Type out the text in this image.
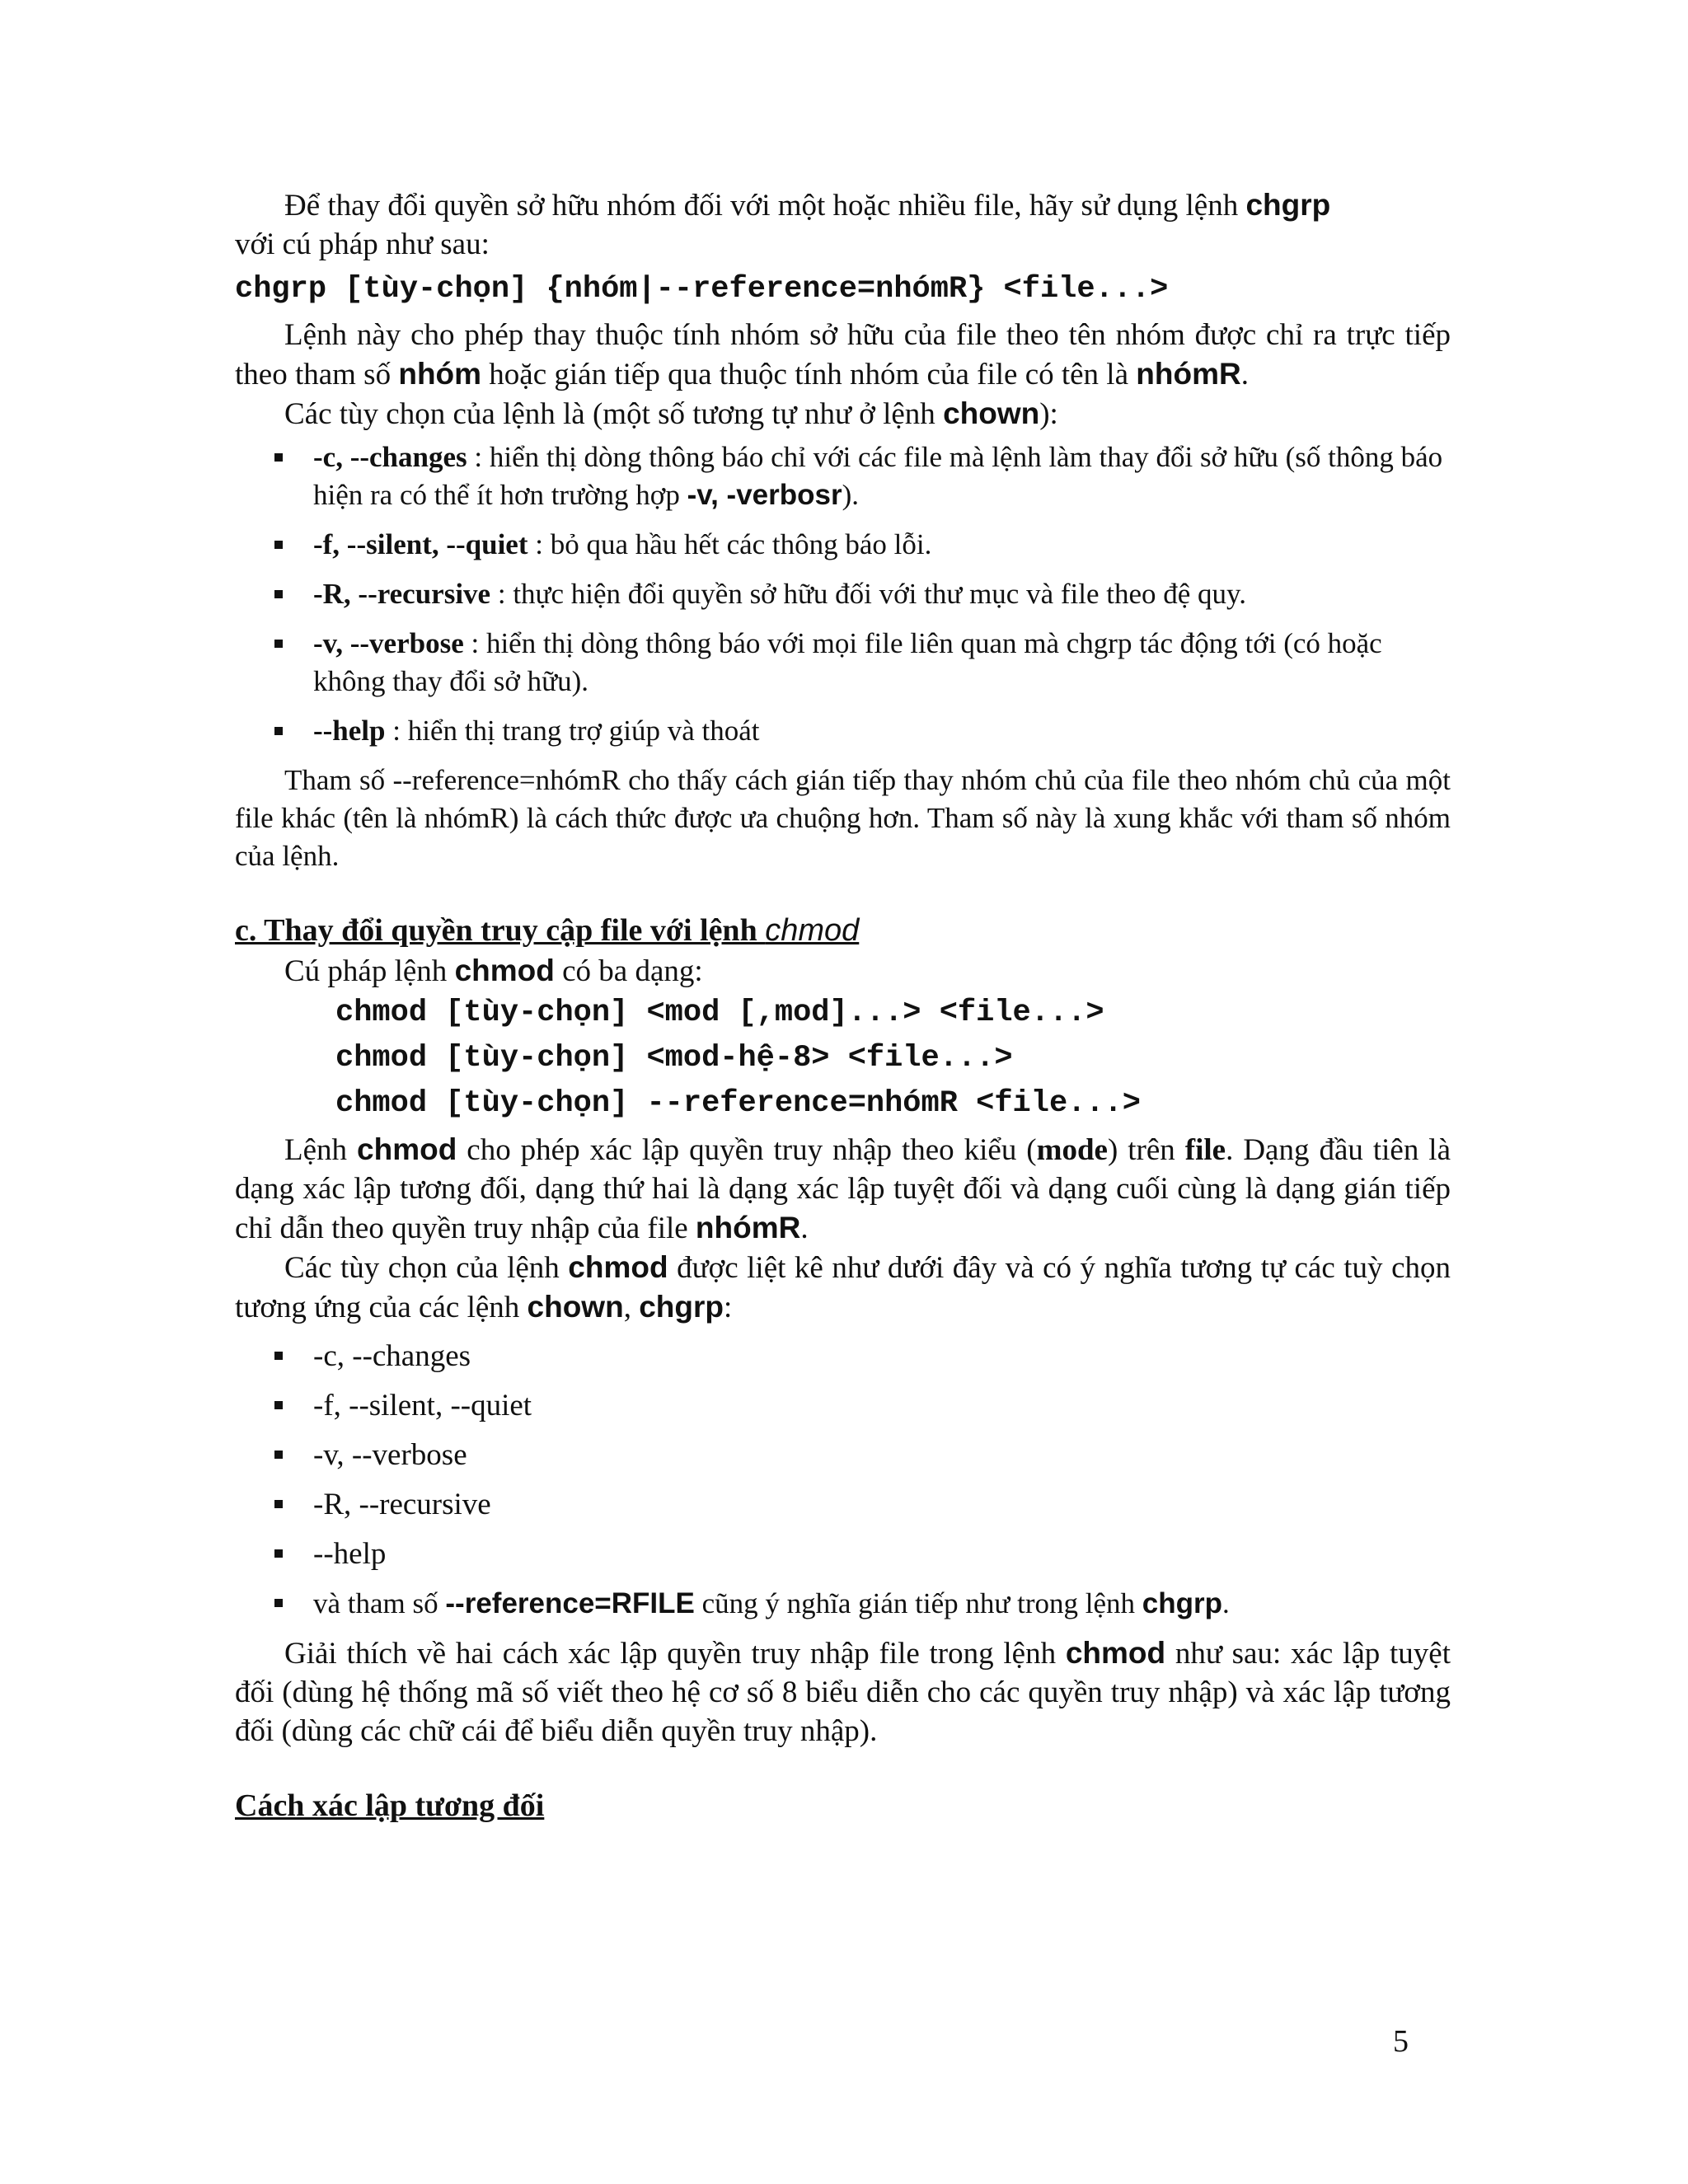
Để thay đổi quyền sở hữu nhóm đối với một hoặc nhiều file, hãy sử dụng lệnh chgrp
với cú pháp như sau:

chgrp [tùy-chọn] {nhóm|--reference=nhómR} <file...>

Lệnh này cho phép thay thuộc tính nhóm sở hữu của file theo tên nhóm được chỉ ra trực tiếp theo tham số nhóm hoặc gián tiếp qua thuộc tính nhóm của file có tên là nhómR.

Các tùy chọn của lệnh là (một số tương tự như ở lệnh chown):

-c, --changes : hiển thị dòng thông báo chỉ với các file mà lệnh làm thay đổi sở hữu (số thông báo hiện ra có thể ít hơn trường hợp -v, -verbosr).
-f, --silent, --quiet : bỏ qua hầu hết các thông báo lỗi.
-R, --recursive : thực hiện đổi quyền sở hữu đối với thư mục và file theo đệ quy.
-v, --verbose : hiển thị dòng thông báo với mọi file liên quan mà chgrp tác động tới (có hoặc không thay đổi sở hữu).
--help : hiển thị trang trợ giúp và thoát

Tham số --reference=nhómR cho thấy cách gián tiếp thay nhóm chủ của file theo nhóm chủ của một file khác (tên là nhómR) là cách thức được ưa chuộng hơn. Tham số này là xung khắc với tham số nhóm của lệnh.

c. Thay đổi quyền truy cập file với lệnh chmod

Cú pháp lệnh chmod có ba dạng:

chmod [tùy-chọn] <mod [,mod]...> <file...>

chmod [tùy-chọn] <mod-hệ-8> <file...>

chmod [tùy-chọn] --reference=nhómR <file...>

Lệnh chmod cho phép xác lập quyền truy nhập theo kiểu (mode) trên file. Dạng đầu tiên là dạng xác lập tương đối, dạng thứ hai là dạng xác lập tuyệt đối và dạng cuối cùng là dạng gián tiếp chỉ dẫn theo quyền truy nhập của file nhómR.

Các tùy chọn của lệnh chmod được liệt kê như dưới đây và có ý nghĩa tương tự các tuỳ chọn tương ứng của các lệnh chown, chgrp:

-c, --changes
-f, --silent, --quiet
-v, --verbose
-R, --recursive
--help
và tham số --reference=RFILE cũng ý nghĩa gián tiếp như trong lệnh chgrp.

Giải thích về hai cách xác lập quyền truy nhập file trong lệnh chmod như sau: xác lập tuyệt đối (dùng hệ thống mã số viết theo hệ cơ số 8 biểu diễn cho các quyền truy nhập) và xác lập tương đối (dùng các chữ cái để biểu diễn quyền truy nhập).

Cách xác lập tương đối
5
